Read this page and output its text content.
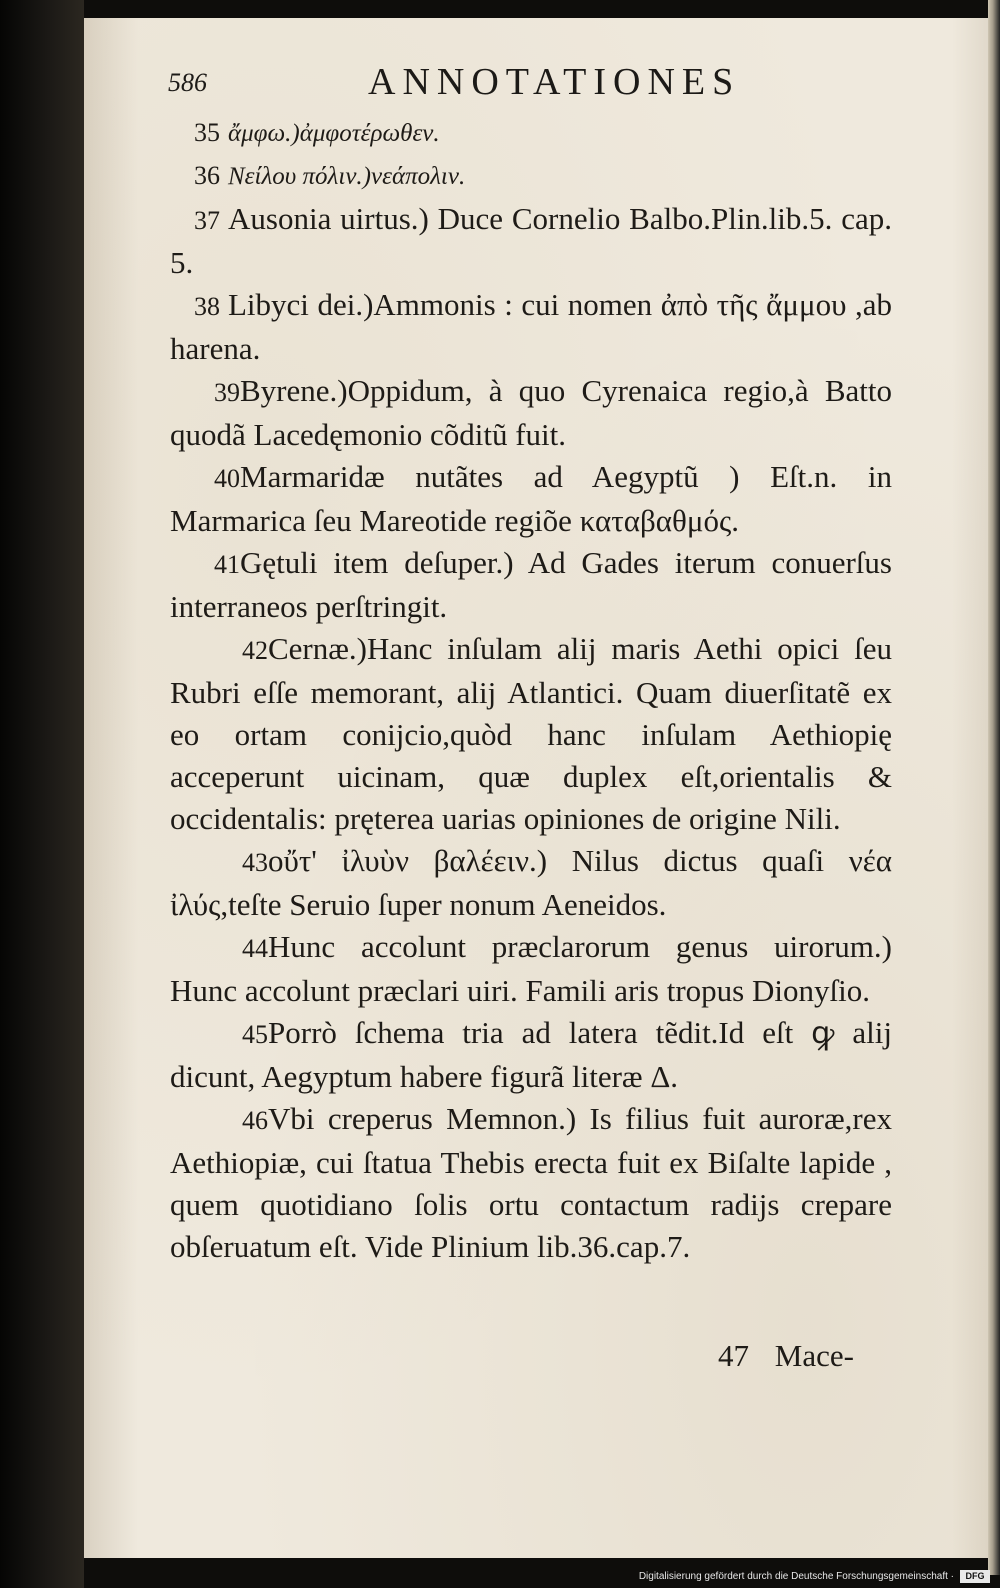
586	ANNOTATIONES

35 ἄμφω.)ἀμφοτέρωθεν.

36 Νείλου πόλιν.)νεάπολιν.

37 Ausonia uirtus.) Duce Cornelio Balbo.Plin.lib.5. cap. 5.

38 Libyci dei.)Ammonis : cui nomen ἀπὸ τῆς ἄμμου ,ab harena.

39Byrene.)Oppidum, à quo Cyrenaica regio,à Batto quodã Lacedęmonio cõditũ fuit.

40Marmaridæ nutãtes ad Aegyptũ ) Eſt.n. in Marmarica ſeu Mareotide regiõe καταβαθμός.

41Gętuli item deſuper.) Ad Gades iterum conuerſus interraneos perſtringit.

42Cernæ.)Hanc inſulam alij maris Aethi opici ſeu Rubri eſſe memorant, alij Atlantici. Quam diuerſitatẽ ex eo ortam conijcio,quòd hanc inſulam Aethiopię acceperunt uicinam, quæ duplex eſt,orientalis & occidentalis: pręterea uarias opiniones de origine Nili.

43οὔτ' ἰλυὺν βαλέειν.) Nilus dictus quaſi νέα ἰλύς,teſte Seruio ſuper nonum Aeneidos.

44Hunc accolunt præclarorum genus uirorum.) Hunc accolunt præclari uiri. Famili aris tropus Dionyſio.

45Porrò ſchema tria ad latera tẽdit.Id eſt ꝙ alij dicunt, Aegyptum habere figurã literæ Δ.

46Vbi creperus Memnon.) Is filius fuit auroræ,rex Aethiopiæ, cui ſtatua Thebis erecta fuit ex Biſalte lapide , quem quotidiano ſolis ortu contactum radijs crepare obſeruatum eſt. Vide Plinium lib.36.cap.7.

47 Mace-
Digitalisierung gefördert durch die Deutsche Forschungsgemeinschaft ·	DFG
